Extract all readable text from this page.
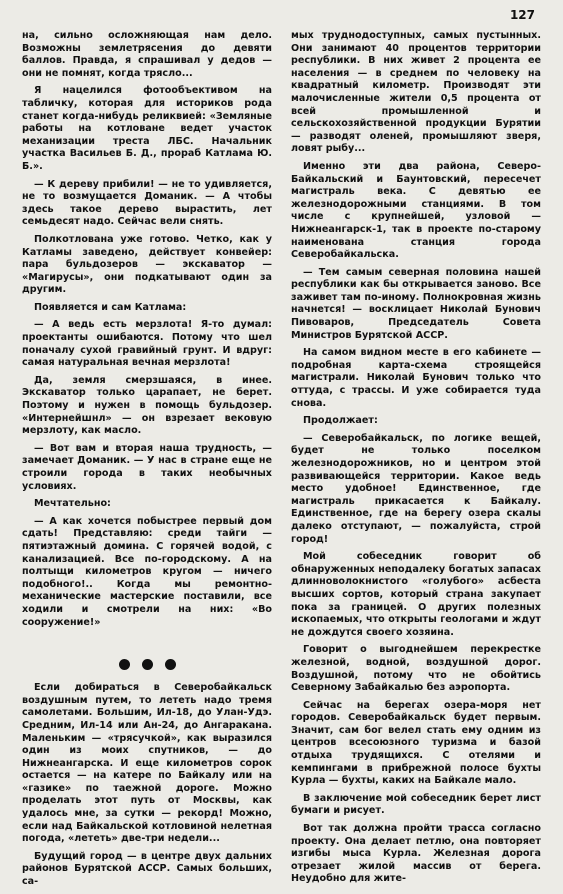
127

на, сильно осложняющая нам дело. Возможны землетрясения до девяти баллов. Правда, я спрашивал у дедов — они не помнят, когда трясло...

Я нацелился фотообъективом на табличку, которая для историков рода станет когда-нибудь реликвией: «Земляные работы на котловане ведет участок механизации треста ЛБС. Начальник участка Васильев Б. Д., прораб Катлама Ю. Б.».

— К дереву прибили! — не то удивляется, не то возмущается Доманик. — А чтобы здесь такое дерево вырастить, лет семьдесят надо. Сейчас вели снять.

Полкотлована уже готово. Четко, как у Катламы заведено, действует конвейер: пара бульдозеров — экскаватор — «Магирусы», они подкатывают один за другим.

Появляется и сам Катлама:

— А ведь есть мерзлота! Я-то думал: проектанты ошибаются. Потому что шел поначалу сухой гравийный грунт. И вдруг: самая натуральная вечная мерзлота!

Да, земля смерзшаяся, в инее. Экскаватор только царапает, не берет. Поэтому и нужен в помощь бульдозер. «Интернейшнл» — он взрезает вековую мерзлоту, как масло.

— Вот вам и вторая наша трудность, — замечает Доманик. — У нас в стране еще не строили города в таких необычных условиях.

Мечтательно:

— А как хочется побыстрее первый дом сдать! Представляю: среди тайги — пятиэтажный домина. С горячей водой, с канализацией. Все по-городскому. А на полтыщи километров кругом — ничего подобного!.. Когда мы ремонтно-механические мастерские поставили, все ходили и смотрели на них: «Во сооружение!»

Если добираться в Северобайкальск воздушным путем, то лететь надо тремя самолетами. Большим, Ил-18, до Улан-Удэ. Средним, Ил-14 или Ан-24, до Ангаракана. Маленьким — «трясучкой», как выразился один из моих спутников, — до Нижнеангарска. И еще километров сорок остается — на катере по Байкалу или на «газике» по таежной дороге. Можно проделать этот путь от Москвы, как удалось мне, за сутки — рекорд! Можно, если над Байкальской котловиной нелетная погода, «лететь» две-три недели...

Будущий город — в центре двух дальних районов Бурятской АССР. Самых больших, са-

мых труднодоступных, самых пустынных. Они занимают 40 процентов территории республики. В них живет 2 процента ее населения — в среднем по человеку на квадратный километр. Производят эти малочисленные жители 0,5 процента от всей промышленной и сельскохозяйственной продукции Бурятии — разводят оленей, промышляют зверя, ловят рыбу...

Именно эти два района, Северо-Байкальский и Баунтовский, пересечет магистраль века. С девятью ее железнодорожными станциями. В том числе с крупнейшей, узловой — Нижнеангарск-1, так в проекте по-старому наименована станция города Северобайкальска.

— Тем самым северная половина нашей республики как бы открывается заново. Все заживет там по-иному. Полнокровная жизнь начнется! — восклицает Николай Бунович Пивоваров, Председатель Совета Министров Бурятской АССР.

На самом видном месте в его кабинете — подробная карта-схема строящейся магистрали. Николай Бунович только что оттуда, с трассы. И уже собирается туда снова.

Продолжает:

— Северобайкальск, по логике вещей, будет не только поселком железнодорожников, но и центром этой развивающейся территории. Какое ведь место удобное! Единственное, где магистраль прикасается к Байкалу. Единственное, где на берегу озера скалы далеко отступают, — пожалуйста, строй город!

Мой собеседник говорит об обнаруженных неподалеку богатых запасах длинноволокнистого «голубого» асбеста высших сортов, который страна закупает пока за границей. О других полезных ископаемых, что открыты геологами и ждут не дождутся своего хозяина.

Говорит о выгоднейшем перекрестке железной, водной, воздушной дорог. Воздушной, потому что не обойтись Северному Забайкалью без аэропорта.

Сейчас на берегах озера-моря нет городов. Северобайкальск будет первым. Значит, сам бог велел стать ему одним из центров всесоюзного туризма и базой отдыха трудящихся. С отелями и кемпингами в прибрежной полосе бухты Курла — бухты, каких на Байкале мало.

В заключение мой собеседник берет лист бумаги и рисует.

Вот так должна пройти трасса согласно проекту. Она делает петлю, она повторяет изгибы мыса Курла. Железная дорога отрезает жилой массив от берега. Неудобно для жите-
